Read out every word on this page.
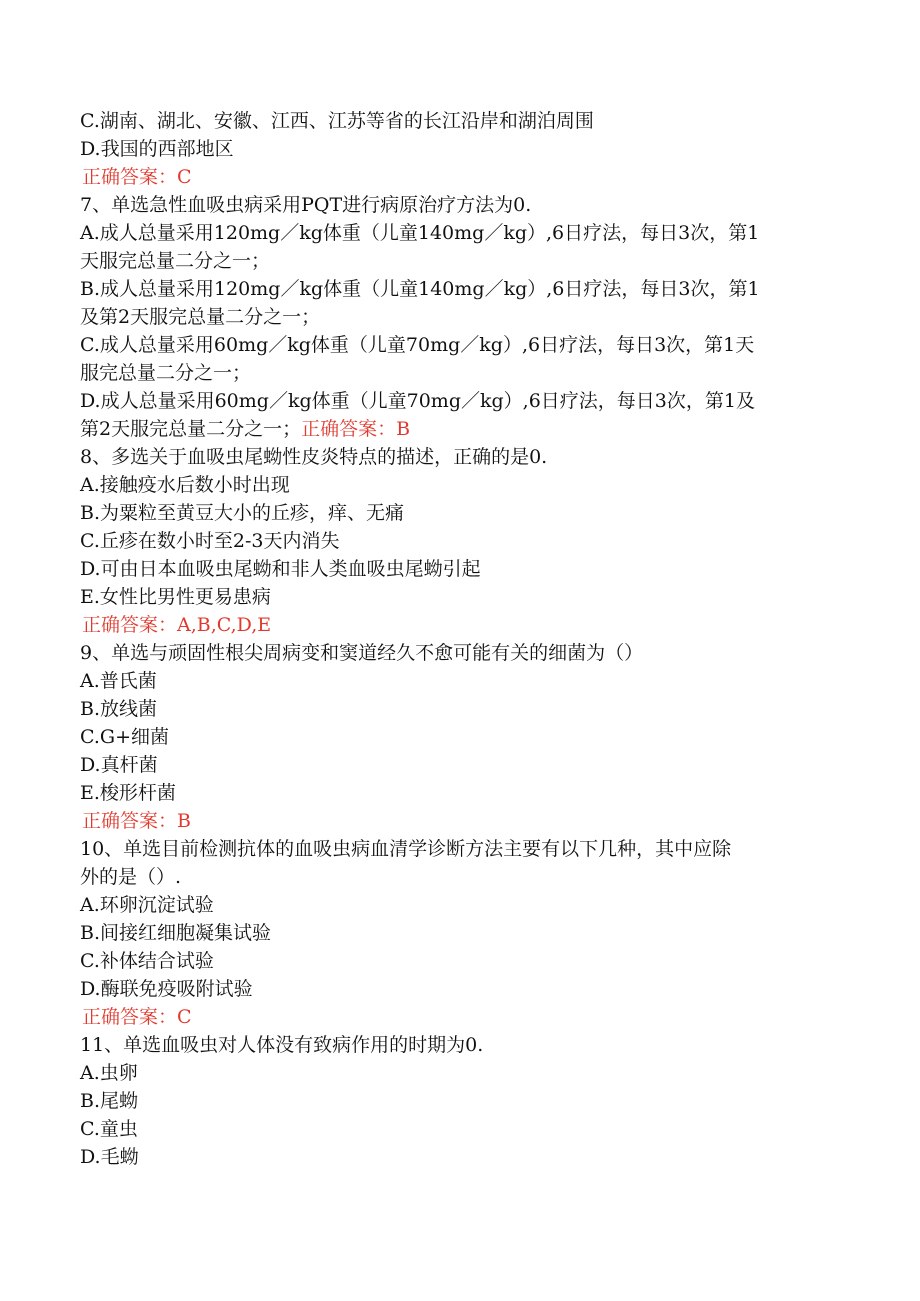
C.湖南、湖北、安徽、江西、江苏等省的长江沿岸和湖泊周围
D.我国的西部地区
正确答案：C
7、单选急性血吸虫病采用PQT进行病原治疗方法为0.
A.成人总量采用120mg／kg体重（儿童140mg／kg）,6日疗法，每日3次，第1
天服完总量二分之一；
B.成人总量采用120mg／kg体重（儿童140mg／kg）,6日疗法，每日3次，第1
及第2天服完总量二分之一；
C.成人总量采用60mg／kg体重（儿童70mg／kg）,6日疗法，每日3次，第1天
服完总量二分之一；
D.成人总量采用60mg／kg体重（儿童70mg／kg）,6日疗法，每日3次，第1及
第2天服完总量二分之一；正确答案：B
8、多选关于血吸虫尾蚴性皮炎特点的描述，正确的是0.
A.接触疫水后数小时出现
B.为粟粒至黄豆大小的丘疹，痒、无痛
C.丘疹在数小时至2-3天内消失
D.可由日本血吸虫尾蚴和非人类血吸虫尾蚴引起
E.女性比男性更易患病
正确答案：A,B,C,D,E
9、单选与顽固性根尖周病变和窦道经久不愈可能有关的细菌为（）
A.普氏菌
B.放线菌
C.G+细菌
D.真杆菌
E.梭形杆菌
正确答案：B
10、单选目前检测抗体的血吸虫病血清学诊断方法主要有以下几种，其中应除
外的是（）.
A.环卵沉淀试验
B.间接红细胞凝集试验
C.补体结合试验
D.酶联免疫吸附试验
正确答案：C
11、单选血吸虫对人体没有致病作用的时期为0.
A.虫卵
B.尾蚴
C.童虫
D.毛蚴
